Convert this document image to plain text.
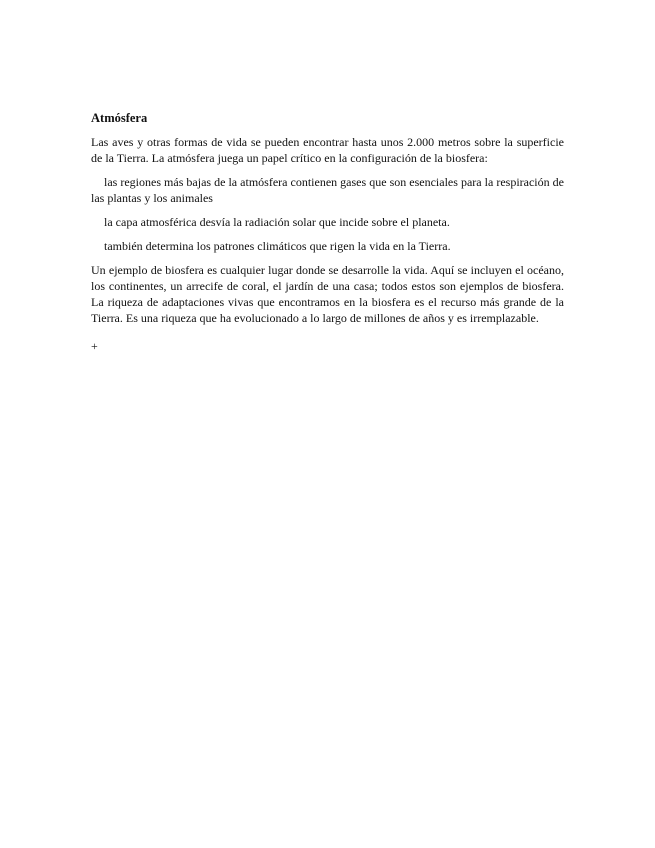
Atmósfera
Las aves y otras formas de vida se pueden encontrar hasta unos 2.000 metros sobre la superficie de la Tierra. La atmósfera juega un papel crítico en la configuración de la biosfera:
las regiones más bajas de la atmósfera contienen gases que son esenciales para la respiración de las plantas y los animales
la capa atmosférica desvía la radiación solar que incide sobre el planeta.
también determina los patrones climáticos que rigen la vida en la Tierra.
Un ejemplo de biosfera es cualquier lugar donde se desarrolle la vida. Aquí se incluyen el océano, los continentes, un arrecife de coral, el jardín de una casa; todos estos son ejemplos de biosfera. La riqueza de adaptaciones vivas que encontramos en la biosfera es el recurso más grande de la Tierra. Es una riqueza que ha evolucionado a lo largo de millones de años y es irremplazable.
+
